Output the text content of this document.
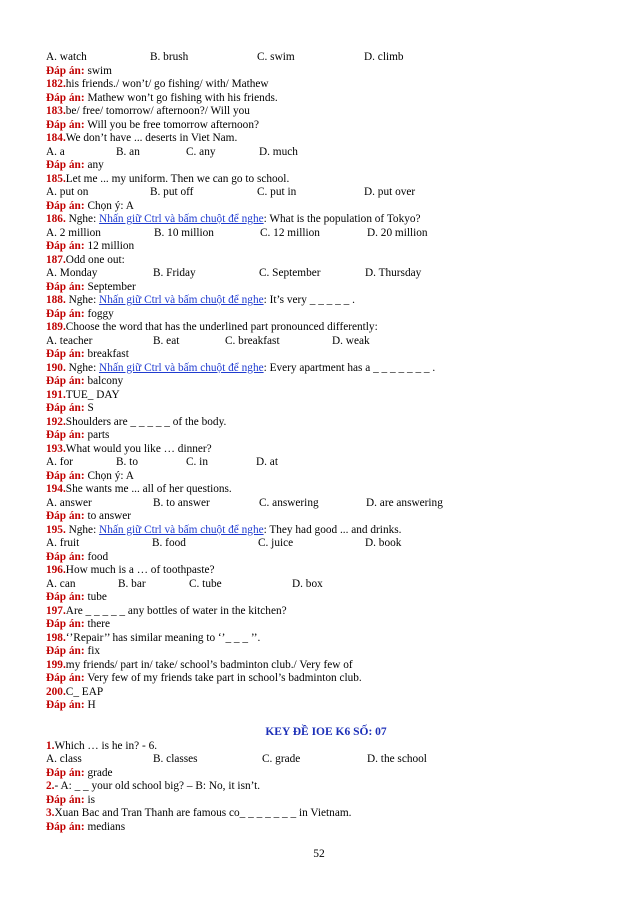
A. watch	B. brush	C. swim	D. climb
Đáp án: swim
182.his friends./ won’t/ go fishing/ with/ Mathew
Đáp án: Mathew won’t go fishing with his friends.
183.be/ free/ tomorrow/ afternoon?/ Will you
Đáp án: Will you be free tomorrow afternoon?
184.We don’t have ... deserts in Viet Nam.
A. a	B. an	C. any	D. much
Đáp án: any
185.Let me ... my uniform. Then we can go to school.
A. put on	B. put off	C. put in	D. put over
Đáp án: Chọn ý: A
186. Nghe: Nhấn giữ Ctrl và bấm chuột để nghe: What is the population of Tokyo?
A. 2 million	B. 10 million	C. 12 million	D. 20 million
Đáp án: 12 million
187.Odd one out:
A. Monday	B. Friday	C. September	D. Thursday
Đáp án: September
188. Nghe: Nhấn giữ Ctrl và bấm chuột để nghe: It’s very _ _ _ _ _ .
Đáp án: foggy
189.Choose the word that has the underlined part pronounced differently:
A. teacher	B. eat	C. breakfast	D. weak
Đáp án: breakfast
190. Nghe: Nhấn giữ Ctrl và bấm chuột để nghe: Every apartment has a _ _ _ _ _ _ _ .
Đáp án: balcony
191.TUE_ DAY
Đáp án: S
192.Shoulders are _ _ _ _ _ of the body.
Đáp án: parts
193.What would you like … dinner?
A. for	B. to	C. in	D. at
Đáp án: Chọn ý: A
194.She wants me ... all of her questions.
A. answer	B. to answer	C. answering	D. are answering
Đáp án: to answer
195. Nghe: Nhấn giữ Ctrl và bấm chuột để nghe: They had good ... and drinks.
A. fruit	B. food	C. juice	D. book
Đáp án: food
196.How much is a … of toothpaste?
A. can	B. bar	C. tube	D. box
Đáp án: tube
197.Are _ _ _ _ _ any bottles of water in the kitchen?
Đáp án: there
198.‘’Repair’’ has similar meaning to ‘’_ _ _ ’’.
Đáp án: fix
199.my friends/ part in/ take/ school’s badminton club./ Very few of
Đáp án: Very few of my friends take part in school’s badminton club.
200.C_ EAP
Đáp án: H
KEY ĐỀ IOE K6 SỐ: 07
1.Which … is he in? - 6.
A. class	B. classes	C. grade	D. the school
Đáp án: grade
2.- A: _ _ your old school big? – B: No, it isn’t.
Đáp án: is
3.Xuan Bac and Tran Thanh are famous co_ _ _ _ _ _ _ in Vietnam.
Đáp án: medians
52
